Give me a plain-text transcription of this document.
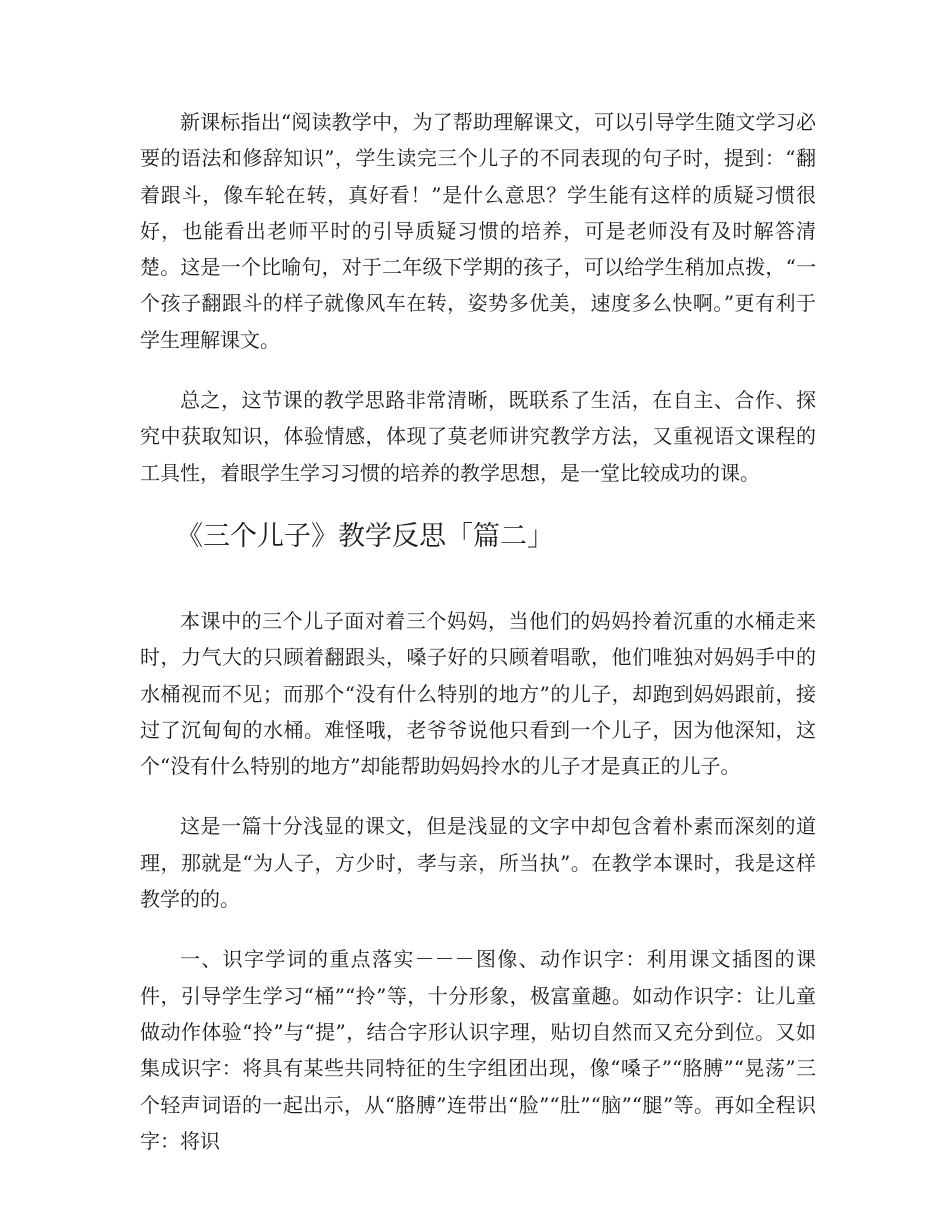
新课标指出“阅读教学中，为了帮助理解课文，可以引导学生随文学习必要的语法和修辞知识”，学生读完三个儿子的不同表现的句子时，提到：“翻着跟斗，像车轮在转，真好看！”是什么意思？学生能有这样的质疑习惯很好，也能看出老师平时的引导质疑习惯的培养，可是老师没有及时解答清楚。这是一个比喻句，对于二年级下学期的孩子，可以给学生稍加点拨，“一个孩子翻跟斗的样子就像风车在转，姿势多优美，速度多么快啊。”更有利于学生理解课文。

总之，这节课的教学思路非常清晰，既联系了生活，在自主、合作、探究中获取知识，体验情感，体现了莫老师讲究教学方法，又重视语文课程的工具性，着眼学生学习习惯的培养的教学思想，是一堂比较成功的课。

《三个儿子》教学反思「篇二」

本课中的三个儿子面对着三个妈妈，当他们的妈妈拎着沉重的水桶走来时，力气大的只顾着翻跟头，嗓子好的只顾着唱歌，他们唯独对妈妈手中的水桶视而不见；而那个“没有什么特别的地方”的儿子，却跑到妈妈跟前，接过了沉甸甸的水桶。难怪哦，老爷爷说他只看到一个儿子，因为他深知，这个“没有什么特别的地方”却能帮助妈妈拎水的儿子才是真正的儿子。

这是一篇十分浅显的课文，但是浅显的文字中却包含着朴素而深刻的道理，那就是“为人子，方少时，孝与亲，所当执”。在教学本课时，我是这样教学的的。

一、识字学词的重点落实－－－图像、动作识字：利用课文插图的课件，引导学生学习“桶”“拎”等，十分形象，极富童趣。如动作识字：让儿童做动作体验“拎”与“提”，结合字形认识字理，贴切自然而又充分到位。又如集成识字：将具有某些共同特征的生字组团出现，像“嗓子”“胳膊”“晃荡”三个轻声词语的一起出示，从“胳膊”连带出“脸”“肚”“脑”“腿”等。再如全程识字：将识
